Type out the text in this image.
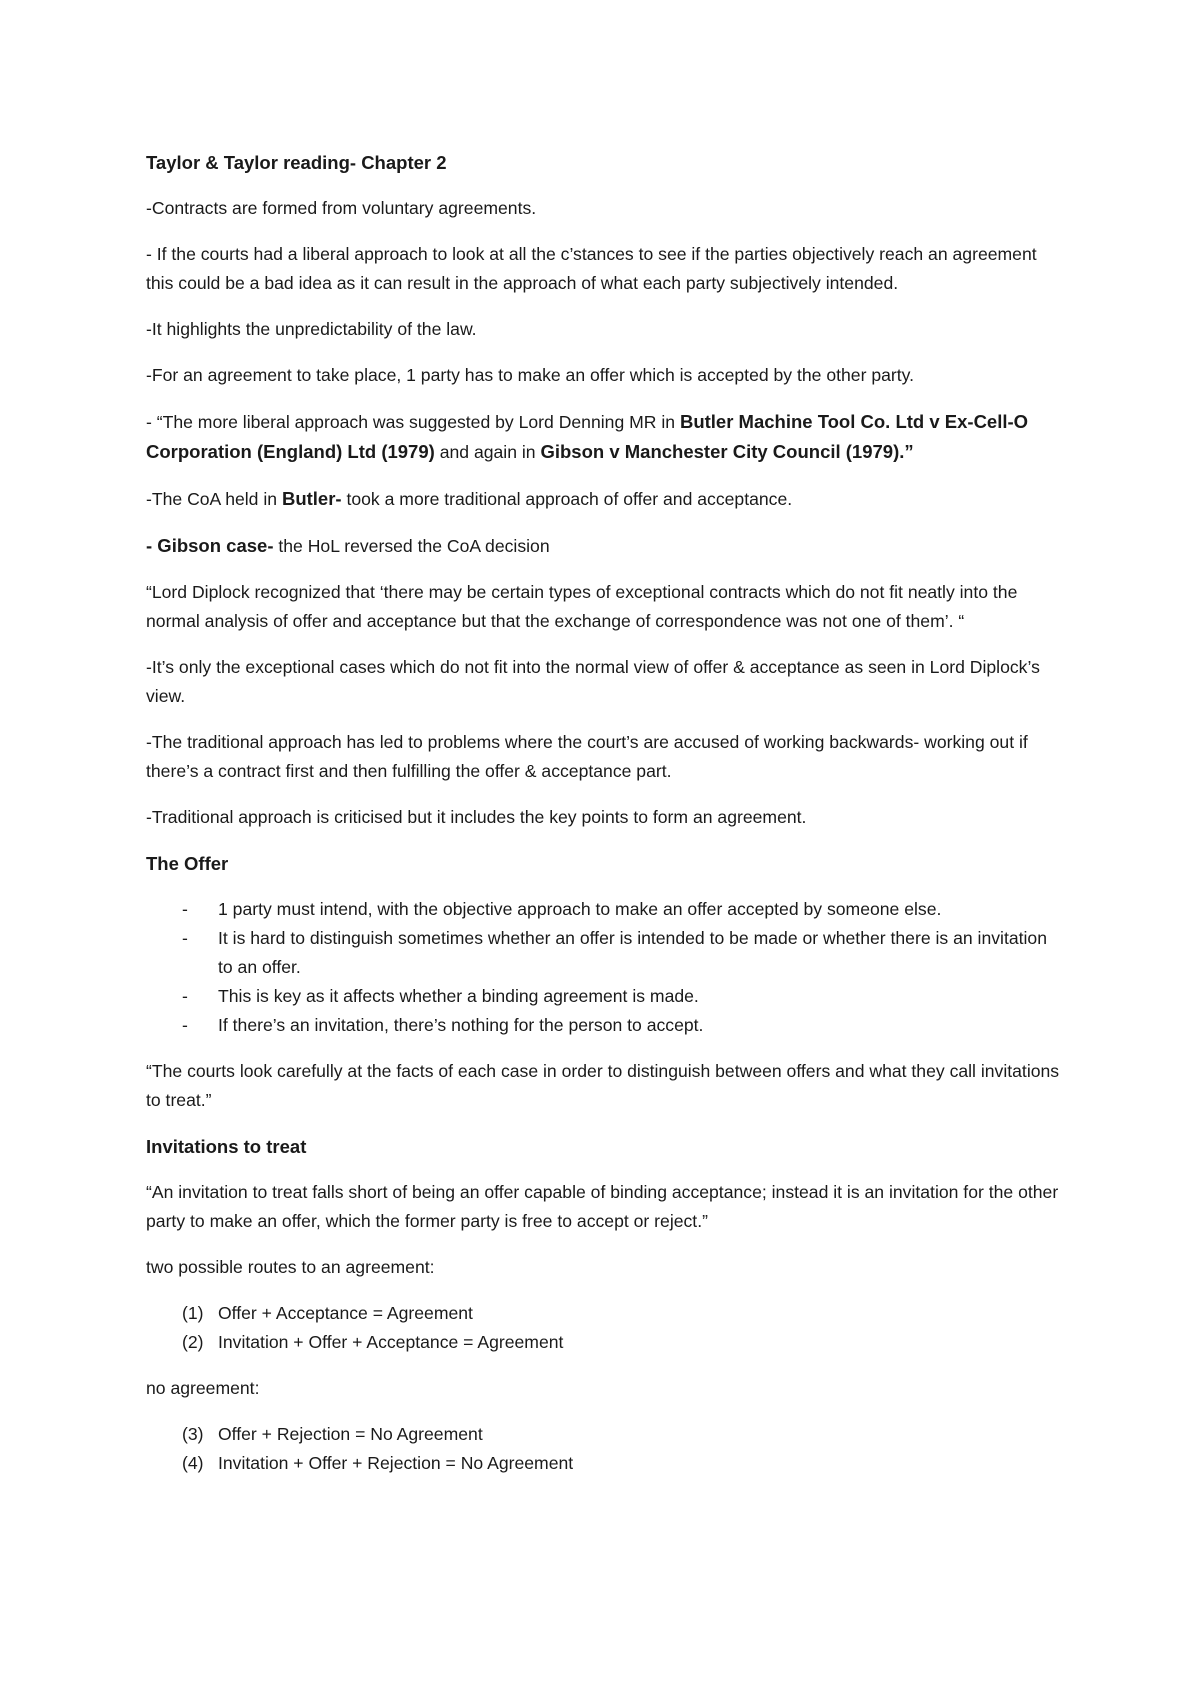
Taylor & Taylor reading- Chapter 2

-Contracts are formed from voluntary agreements.

- If the courts had a liberal approach to look at all the c’stances to see if the parties objectively reach an agreement this could be a bad idea as it can result in the approach of what each party subjectively intended.

-It highlights the unpredictability of the law.

-For an agreement to take place, 1 party has to make an offer which is accepted by the other party.

- “The more liberal approach was suggested by Lord Denning MR in Butler Machine Tool Co. Ltd v Ex-Cell-O Corporation (England) Ltd (1979) and again in Gibson v Manchester City Council (1979).”

-The CoA held in Butler- took a more traditional approach of offer and acceptance.

- Gibson case- the HoL reversed the CoA decision

“Lord Diplock recognized that ‘there may be certain types of exceptional contracts which do not fit neatly into the normal analysis of offer and acceptance but that the exchange of correspondence was not one of them’. “

-It’s only the exceptional cases which do not fit into the normal view of offer & acceptance as seen in Lord Diplock’s view.

-The traditional approach has led to problems where the court’s are accused of working backwards- working out if there’s a contract first and then fulfilling the offer & acceptance part.

-Traditional approach is criticised but it includes the key points to form an agreement.

The Offer

- 1 party must intend, with the objective approach to make an offer accepted by someone else.
- It is hard to distinguish sometimes whether an offer is intended to be made or whether there is an invitation to an offer.
- This is key as it affects whether a binding agreement is made.
- If there’s an invitation, there’s nothing for the person to accept.

“The courts look carefully at the facts of each case in order to distinguish between offers and what they call invitations to treat.”

Invitations to treat

“An invitation to treat falls short of being an offer capable of binding acceptance; instead it is an invitation for the other party to make an offer, which the former party is free to accept or reject.”

two possible routes to an agreement:

(1) Offer + Acceptance = Agreement
(2) Invitation + Offer + Acceptance = Agreement

no agreement:

(3) Offer + Rejection = No Agreement
(4) Invitation + Offer + Rejection = No Agreement
